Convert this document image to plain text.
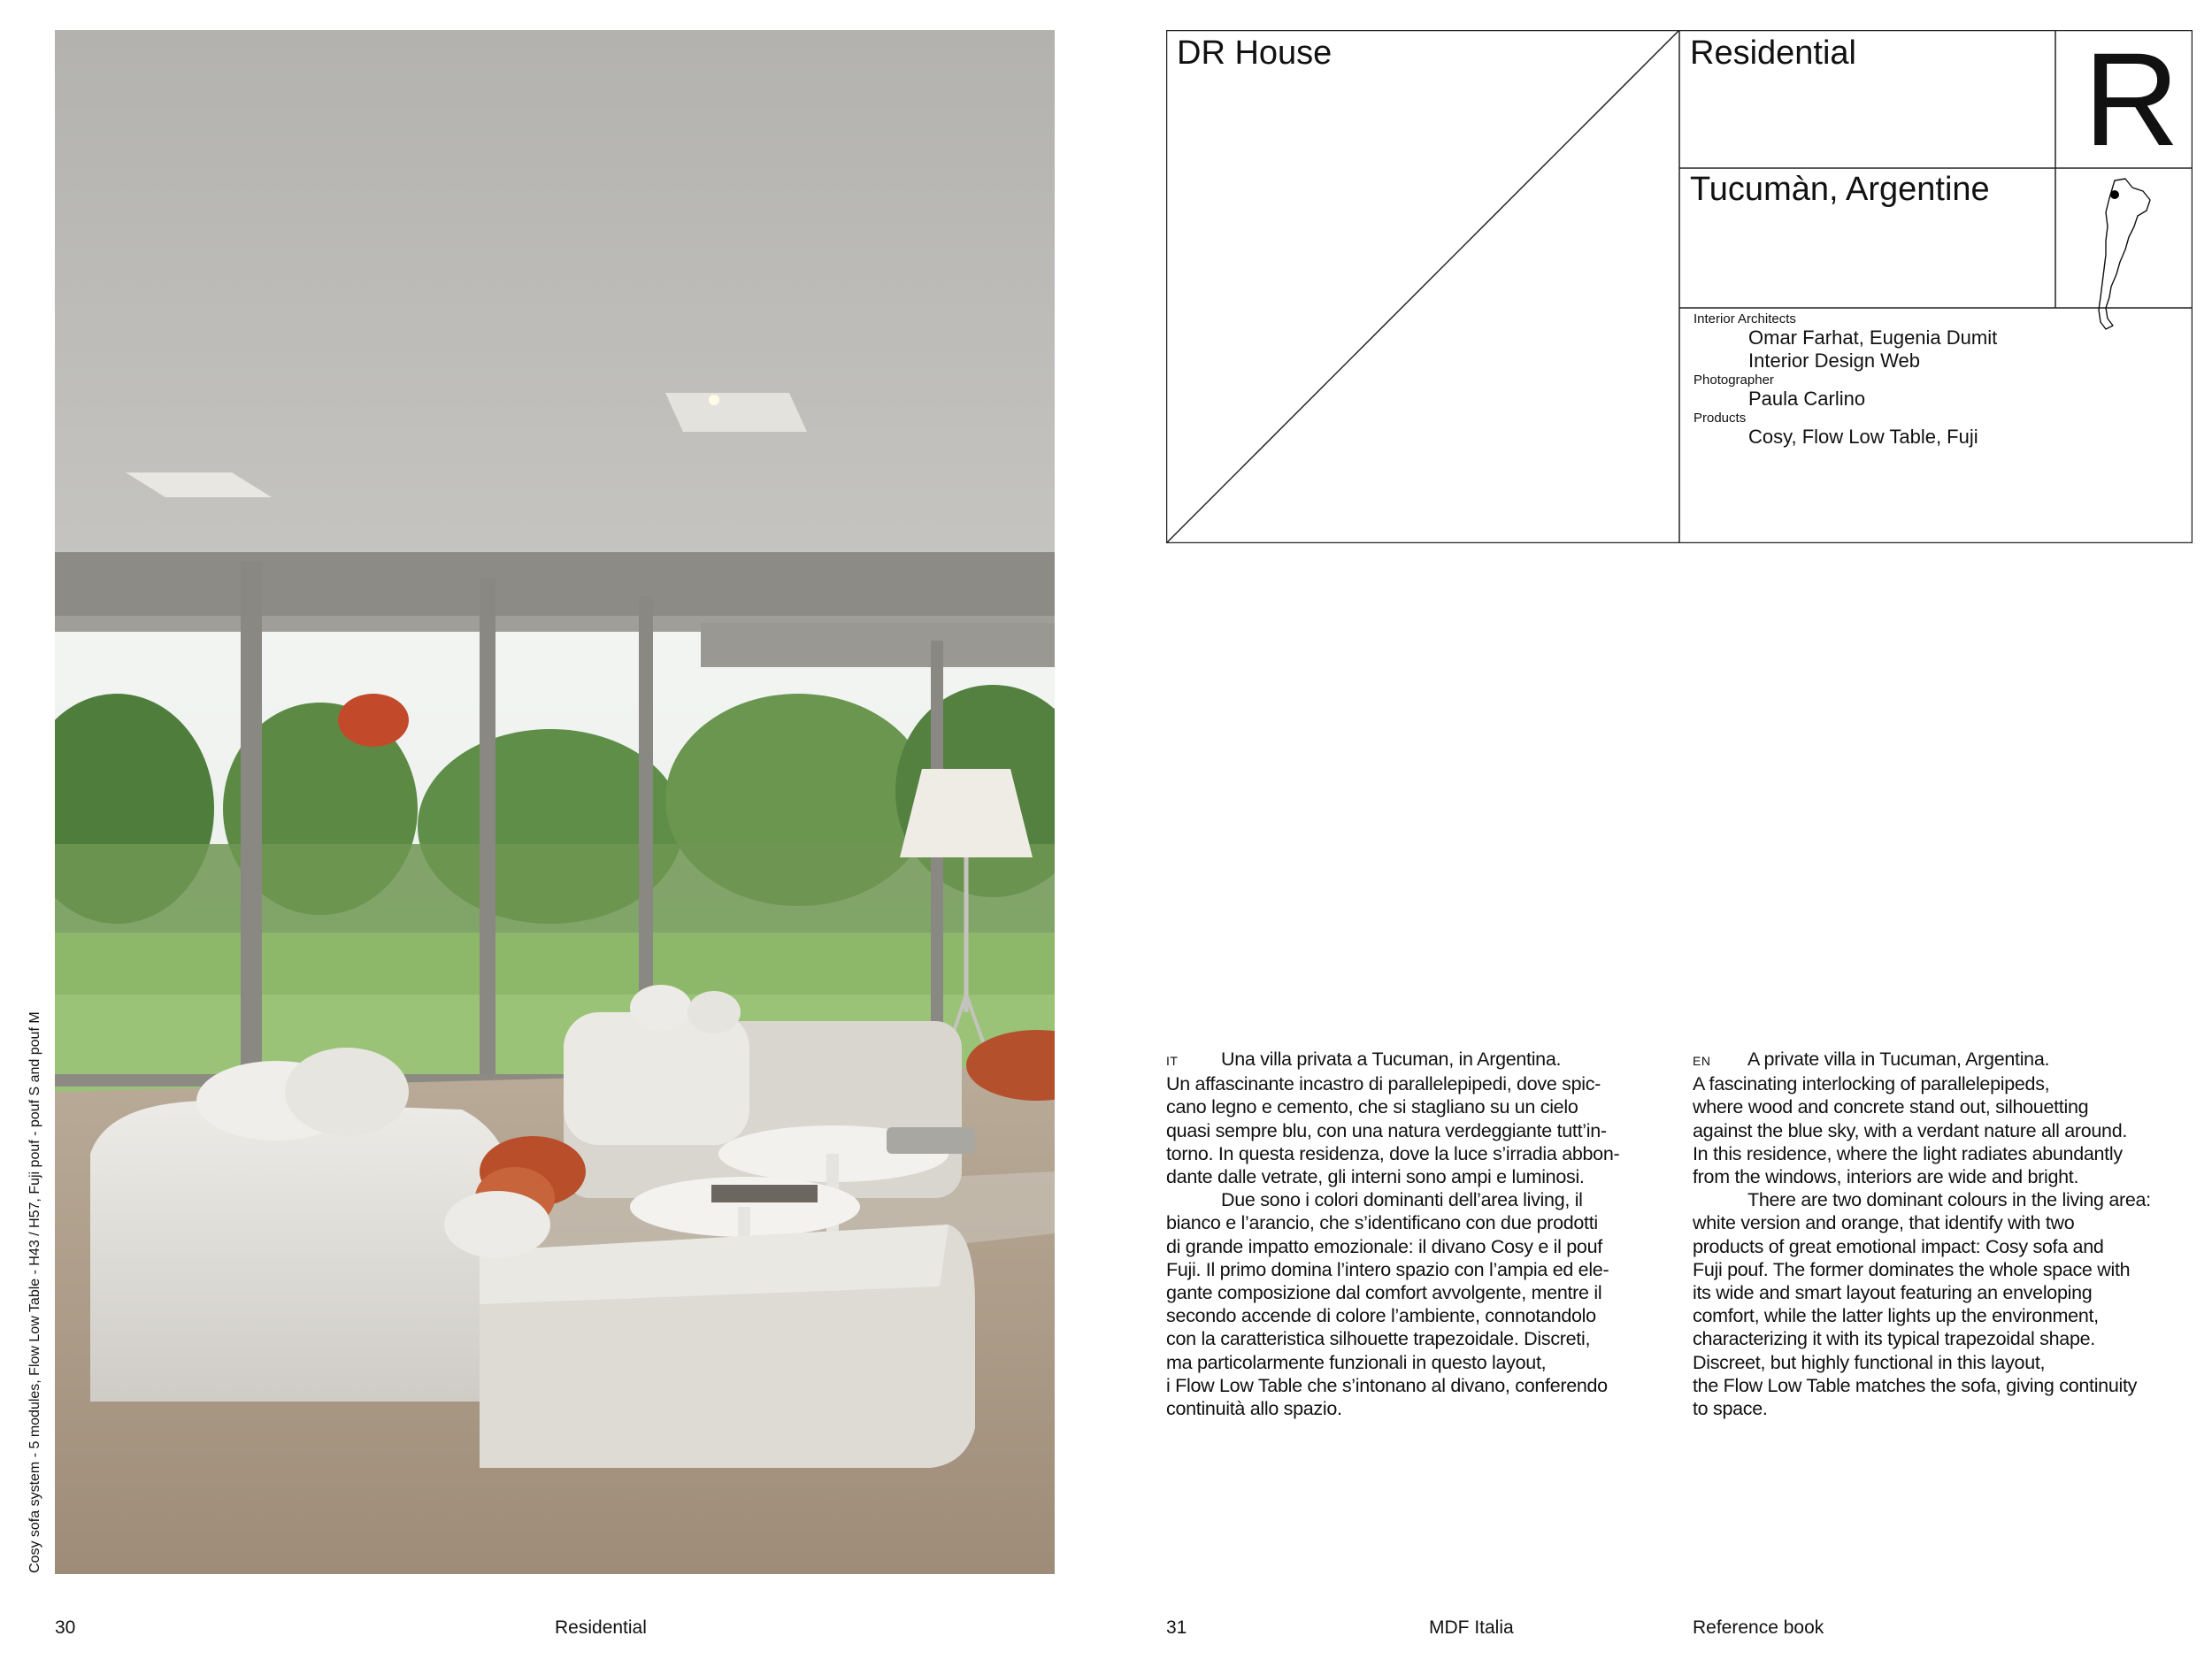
Cosy sofa system - 5 modules, Flow Low Table - H43 / H57, Fuji pouf - pouf S and pouf M
30	Residential
DR House	Residential R
Tucumàn, Argentine
Interior Architects
Omar Farhat, Eugenia Dumit
Interior Design Web
Photographer
Paula Carlino
Products
Cosy, Flow Low Table, Fuji

IT Una villa privata a Tucuman, in Argentina.
Un affascinante incastro di parallelepipedi, dove spic-
cano legno e cemento, che si stagliano su un cielo
quasi sempre blu, con una natura verdeggiante tutt’in-
torno. In questa residenza, dove la luce s’irradia abbon-
dante dalle vetrate, gli interni sono ampi e luminosi.

Due sono i colori dominanti dell’area living, il
bianco e l’arancio, che s’identificano con due prodotti
di grande impatto emozionale: il divano Cosy e il pouf
Fuji. Il primo domina l’intero spazio con l’ampia ed ele-
gante composizione dal comfort avvolgente, mentre il
secondo accende di colore l’ambiente, connotandolo
con la caratteristica silhouette trapezoidale. Discreti,
ma particolarmente funzionali in questo layout,
i Flow Low Table che s’intonano al divano, conferendo
continuità allo spazio.

EN A private villa in Tucuman, Argentina.
A fascinating interlocking of parallelepipeds,
where wood and concrete stand out, silhouetting
against the blue sky, with a verdant nature all around.
In this residence, where the light radiates abundantly
from the windows, interiors are wide and bright.

There are two dominant colours in the living area:
white version and orange, that identify with two
products of great emotional impact: Cosy sofa and
Fuji pouf. The former dominates the whole space with
its wide and smart layout featuring an enveloping
comfort, while the latter lights up the environment,
characterizing it with its typical trapezoidal shape.
Discreet, but highly functional in this layout,
the Flow Low Table matches the sofa, giving continuity
to space.

31	MDF Italia	Reference book
